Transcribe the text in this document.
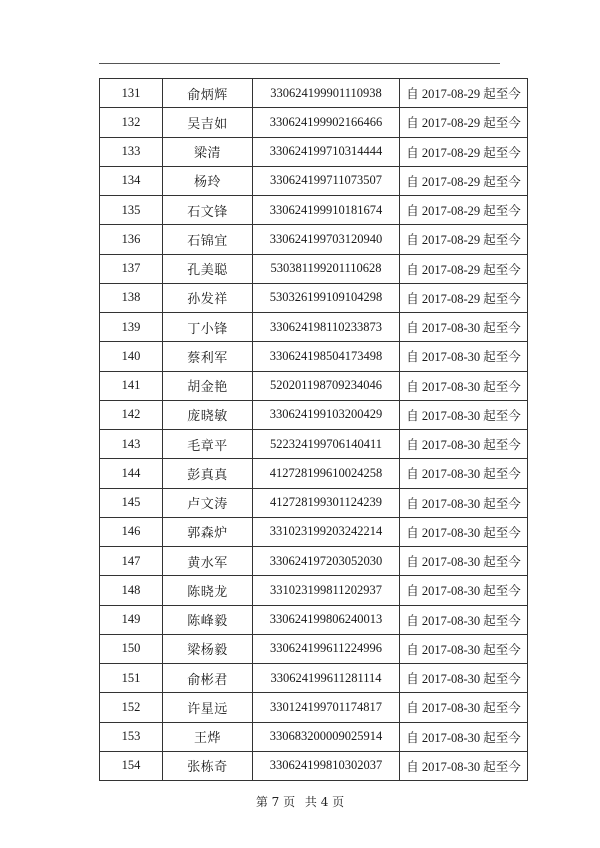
131	俞炳辉	330624199901110938	自 2017-08-29 起至今
132	吴吉如	330624199902166466	自 2017-08-29 起至今
133	梁清	330624199710314444	自 2017-08-29 起至今
134	杨玲	330624199711073507	自 2017-08-29 起至今
135	石文锋	330624199910181674	自 2017-08-29 起至今
136	石锦宜	330624199703120940	自 2017-08-29 起至今
137	孔美聪	530381199201110628	自 2017-08-29 起至今
138	孙发祥	530326199109104298	自 2017-08-29 起至今
139	丁小锋	330624198110233873	自 2017-08-30 起至今
140	蔡利军	330624198504173498	自 2017-08-30 起至今
141	胡金艳	520201198709234046	自 2017-08-30 起至今
142	庞晓敏	330624199103200429	自 2017-08-30 起至今
143	毛章平	522324199706140411	自 2017-08-30 起至今
144	彭真真	412728199610024258	自 2017-08-30 起至今
145	卢文涛	412728199301124239	自 2017-08-30 起至今
146	郭森炉	331023199203242214	自 2017-08-30 起至今
147	黄水军	330624197203052030	自 2017-08-30 起至今
148	陈晓龙	331023199811202937	自 2017-08-30 起至今
149	陈峰毅	330624199806240013	自 2017-08-30 起至今
150	梁杨毅	330624199611224996	自 2017-08-30 起至今
151	俞彬君	330624199611281114	自 2017-08-30 起至今
152	许星远	330124199701174817	自 2017-08-30 起至今
153	王烨	330683200009025914	自 2017-08-30 起至今
154	张栋奇	330624199810302037	自 2017-08-30 起至今
第 7 页 共 4 页
